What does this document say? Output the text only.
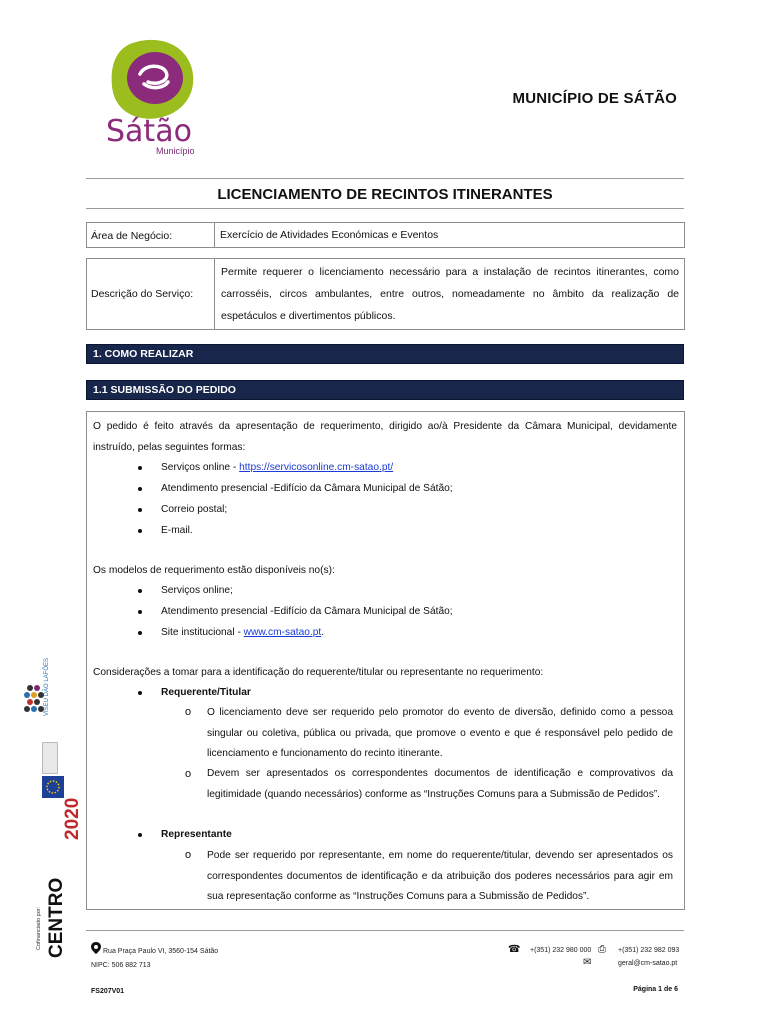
Sátão
Município
MUNICÍPIO DE SÁTÃO
LICENCIAMENTO DE RECINTOS ITINERANTES
Área de Negócio:	Exercício de Atividades Económicas e Eventos
Descrição do Serviço:
Permite requerer o licenciamento necessário para a instalação de recintos itinerantes, como carrosséis, circos ambulantes, entre outros, nomeadamente no âmbito da realização de espetáculos e divertimentos públicos.
1. COMO REALIZAR
1.1 SUBMISSÃO DO PEDIDO
O pedido é feito através da apresentação de requerimento, dirigido ao/à Presidente da Câmara Municipal, devidamente instruído, pelas seguintes formas:
Serviços online - https://servicosonline.cm-satao.pt/
Atendimento presencial -Edifício da Câmara Municipal de Sátão;
Correio postal;
E-mail.
Os modelos de requerimento estão disponíveis no(s):
Serviços online;
Atendimento presencial -Edifício da Câmara Municipal de Sátão;
Site institucional - www.cm-satao.pt.
Considerações a tomar para a identificação do requerente/titular ou representante no requerimento:
Requerente/Titular
o O licenciamento deve ser requerido pelo promotor do evento de diversão, definido como a pessoa singular ou coletiva, pública ou privada, que promove o evento e que é responsável pelo pedido de licenciamento e funcionamento do recinto itinerante.
o Devem ser apresentados os correspondentes documentos de identificação e comprovativos da legitimidade (quando necessários) conforme as “Instruções Comuns para a Submissão de Pedidos”.
Representante
o Pode ser requerido por representante, em nome do requerente/titular, devendo ser apresentados os correspondentes documentos de identificação e da atribuição dos poderes necessários para agir em sua representação conforme as “Instruções Comuns para a Submissão de Pedidos”.
VISEU DÃO LAFÕES
2020
Cofinanciado por: CENTRO	Rua Praça Paulo VI, 3560-154 Sátão
NIPC: 506 882 713
☎ +(351) 232 980 000 ⎙ +(351) 232 982 093
✉	geral@cm-satao.pt
FS207V01	Página 1 de 6
